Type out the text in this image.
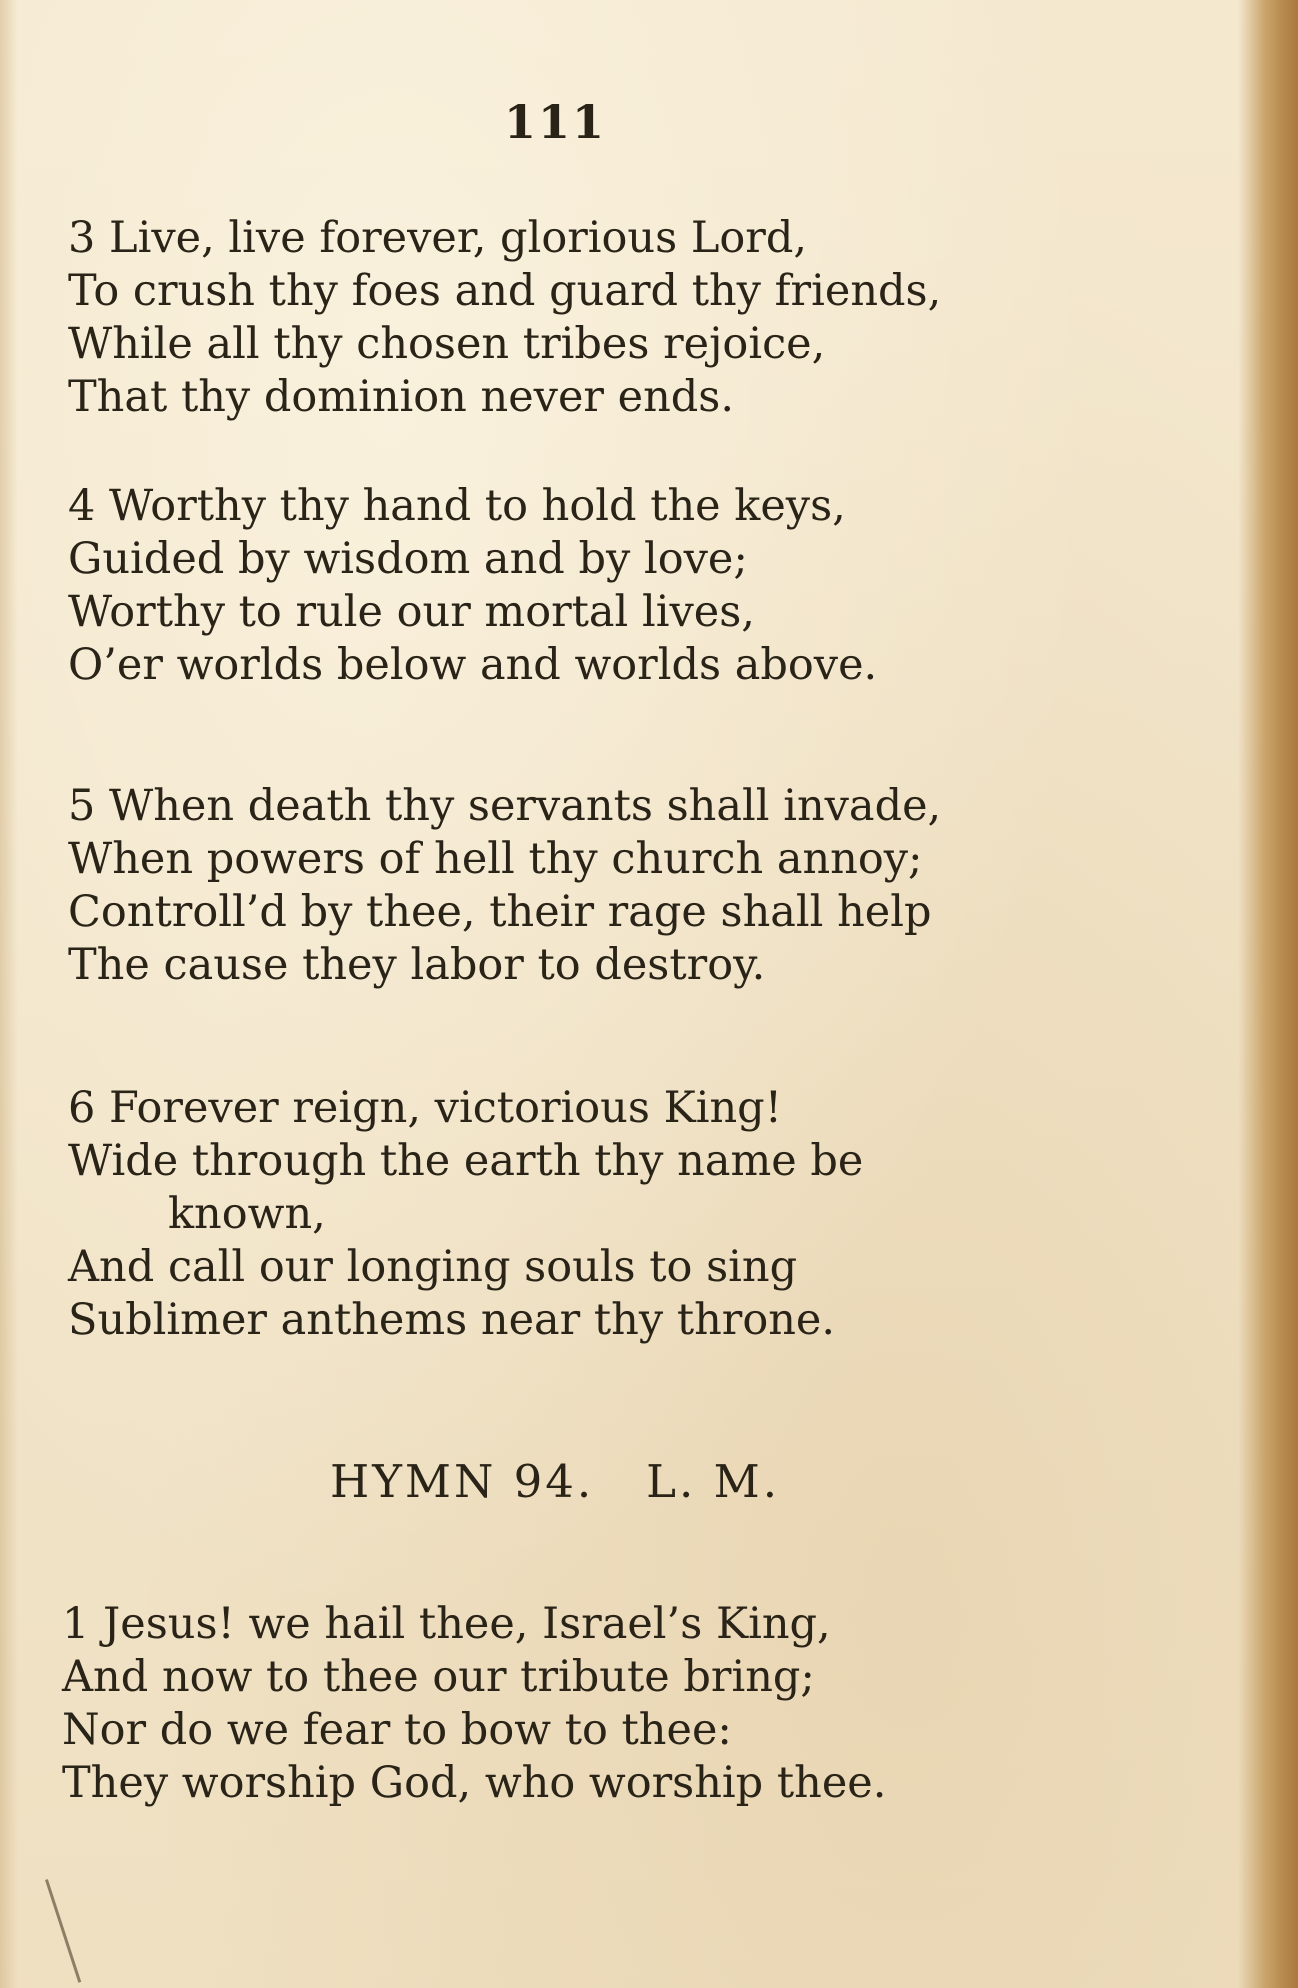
111

3 Live, live forever, glorious Lord,
To crush thy foes and guard thy friends,
While all thy chosen tribes rejoice,
That thy dominion never ends.

4 Worthy thy hand to hold the keys,
Guided by wisdom and by love;
Worthy to rule our mortal lives,
O’er worlds below and worlds above.

5 When death thy servants shall invade,
When powers of hell thy church annoy;
Controll’d by thee, their rage shall help
The cause they labor to destroy.

6 Forever reign, victorious King!
Wide through the earth thy name be
known,
And call our longing souls to sing
Sublimer anthems near thy throne.

HYMN 94.   L. M.
1 Jesus! we hail thee, Israel’s King,
And now to thee our tribute bring;
Nor do we fear to bow to thee:
They worship God, who worship thee.
